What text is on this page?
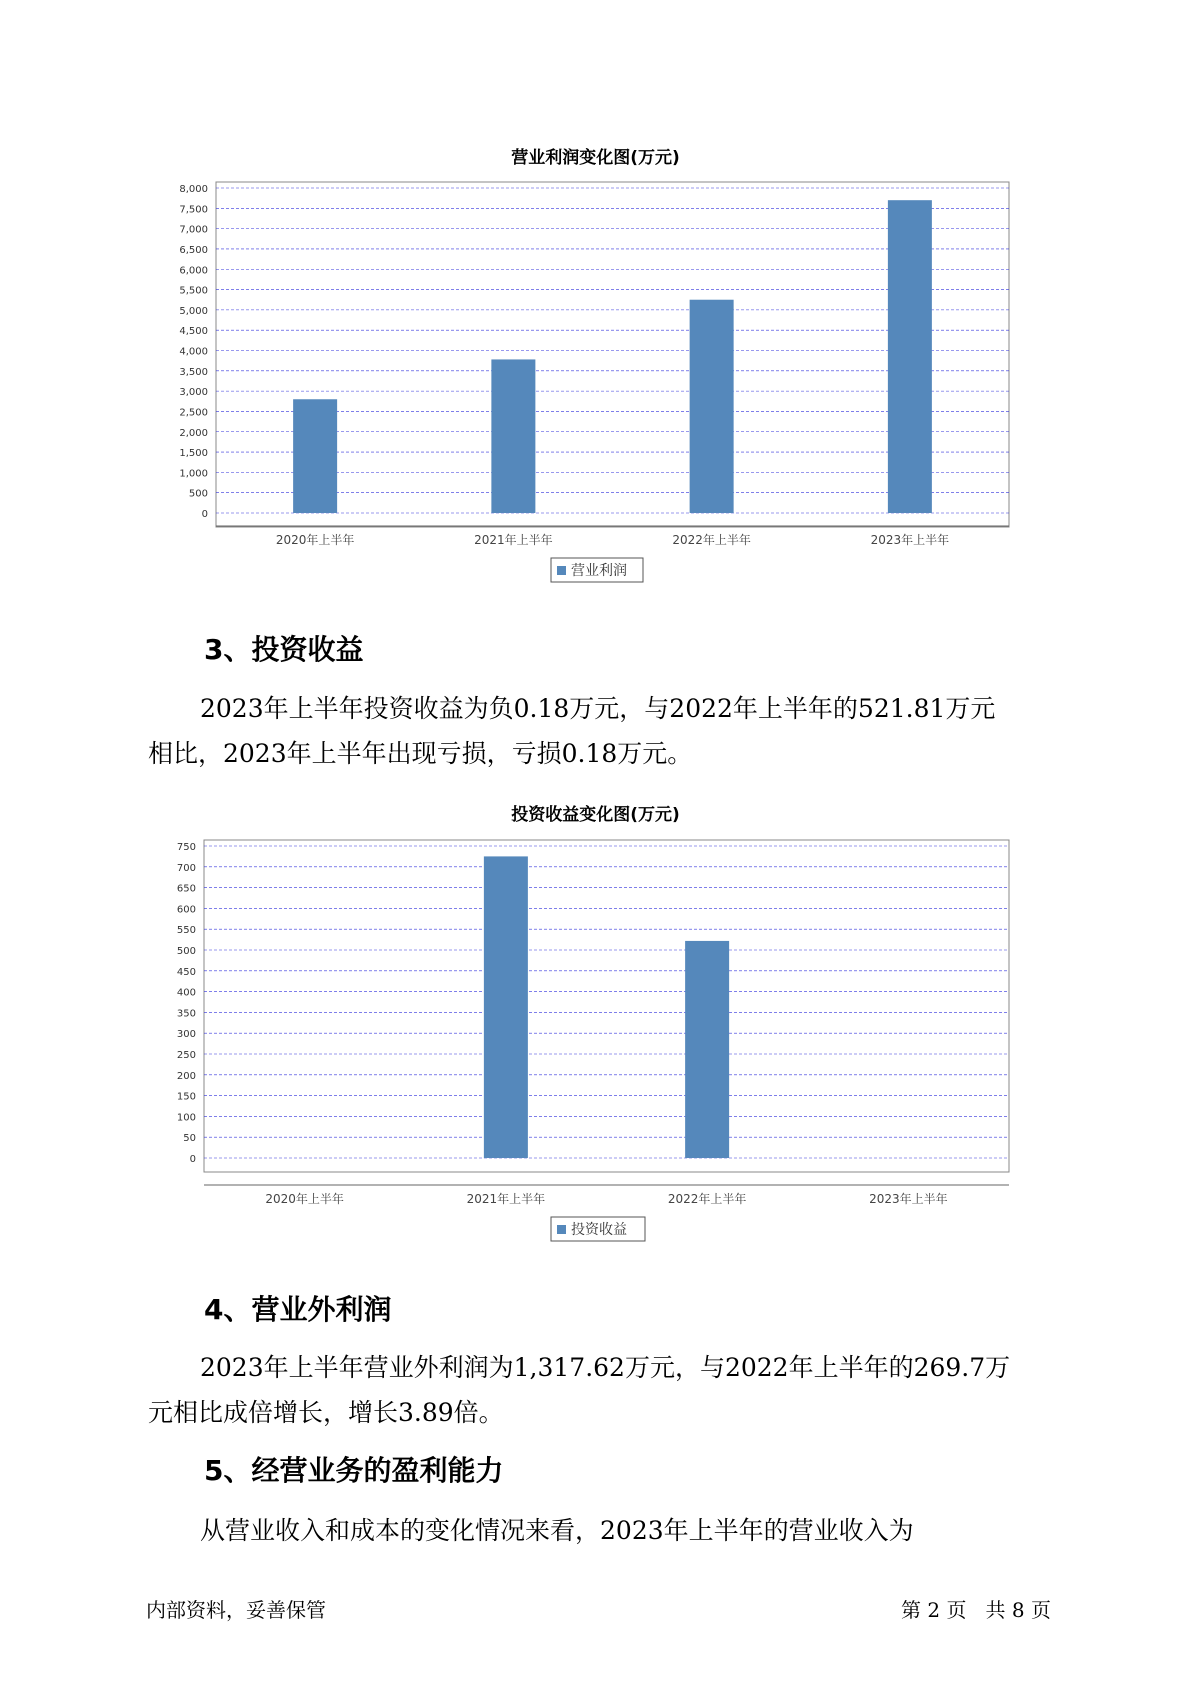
营业利润变化图(万元)
0
500
1,000
1,500
2,000
2,500
3,000
3,500
4,000
4,500
5,000
5,500
6,000
6,500
7,000
7,500
8,000
2020年上半年	2021年上半年	2022年上半年	2023年上半年
营业利润
3、投资收益
2023年上半年投资收益为负0.18万元，与2022年上半年的521.81万元
相比，2023年上半年出现亏损，亏损0.18万元。
投资收益变化图(万元)
0
50
100
150
200
250
300
350
400
450
500
550
600
650
700
750
2020年上半年	2021年上半年	2022年上半年	2023年上半年
投资收益
4、营业外利润
2023年上半年营业外利润为1,317.62万元，与2022年上半年的269.7万
元相比成倍增长，增长3.89倍。
5、经营业务的盈利能力
从营业收入和成本的变化情况来看，2023年上半年的营业收入为
内部资料，妥善保管	第 2 页   共 8 页
